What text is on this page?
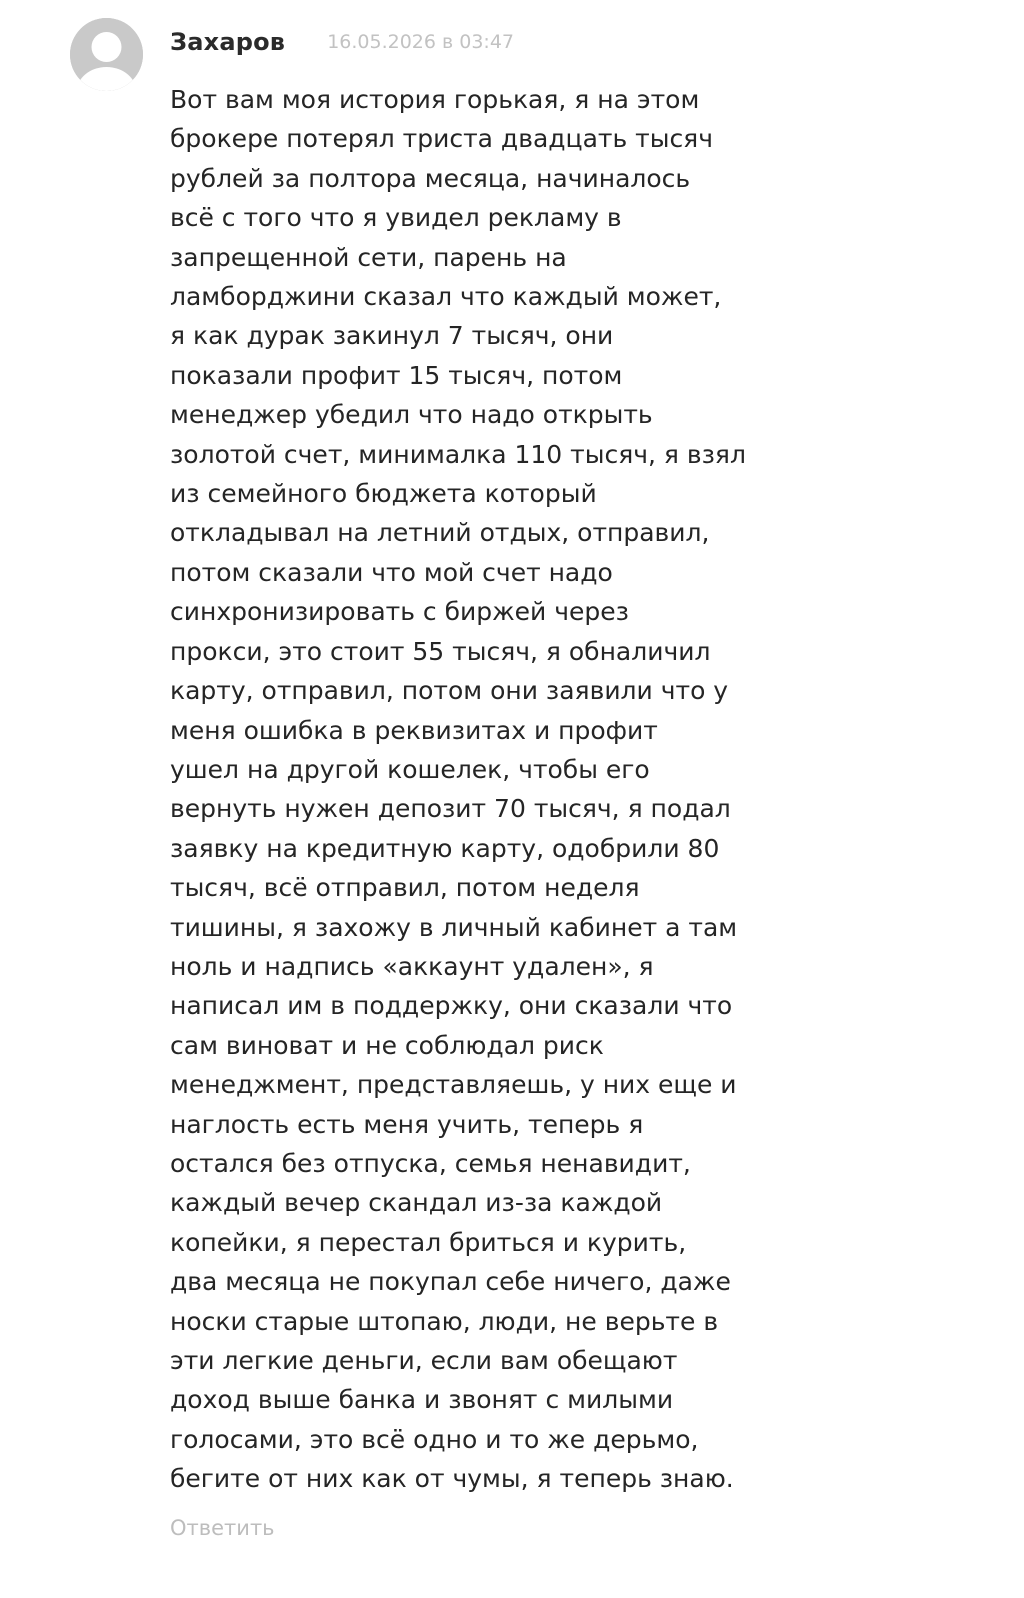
Захаров 16.05.2026 в 03:47
Вот вам моя история горькая, я на этом
брокере потерял триста двадцать тысяч
рублей за полтора месяца, начиналось
всё с того что я увидел рекламу в
запрещенной сети, парень на
ламборджини сказал что каждый может,
я как дурак закинул 7 тысяч, они
показали профит 15 тысяч, потом
менеджер убедил что надо открыть
золотой счет, минималка 110 тысяч, я взял
из семейного бюджета который
откладывал на летний отдых, отправил,
потом сказали что мой счет надо
синхронизировать с биржей через
прокси, это стоит 55 тысяч, я обналичил
карту, отправил, потом они заявили что у
меня ошибка в реквизитах и профит
ушел на другой кошелек, чтобы его
вернуть нужен депозит 70 тысяч, я подал
заявку на кредитную карту, одобрили 80
тысяч, всё отправил, потом неделя
тишины, я захожу в личный кабинет а там
ноль и надпись «аккаунт удален», я
написал им в поддержку, они сказали что
сам виноват и не соблюдал риск
менеджмент, представляешь, у них еще и
наглость есть меня учить, теперь я
остался без отпуска, семья ненавидит,
каждый вечер скандал из-за каждой
копейки, я перестал бриться и курить,
два месяца не покупал себе ничего, даже
носки старые штопаю, люди, не верьте в
эти легкие деньги, если вам обещают
доход выше банка и звонят с милыми
голосами, это всё одно и то же дерьмо,
бегите от них как от чумы, я теперь знаю.
Ответить
